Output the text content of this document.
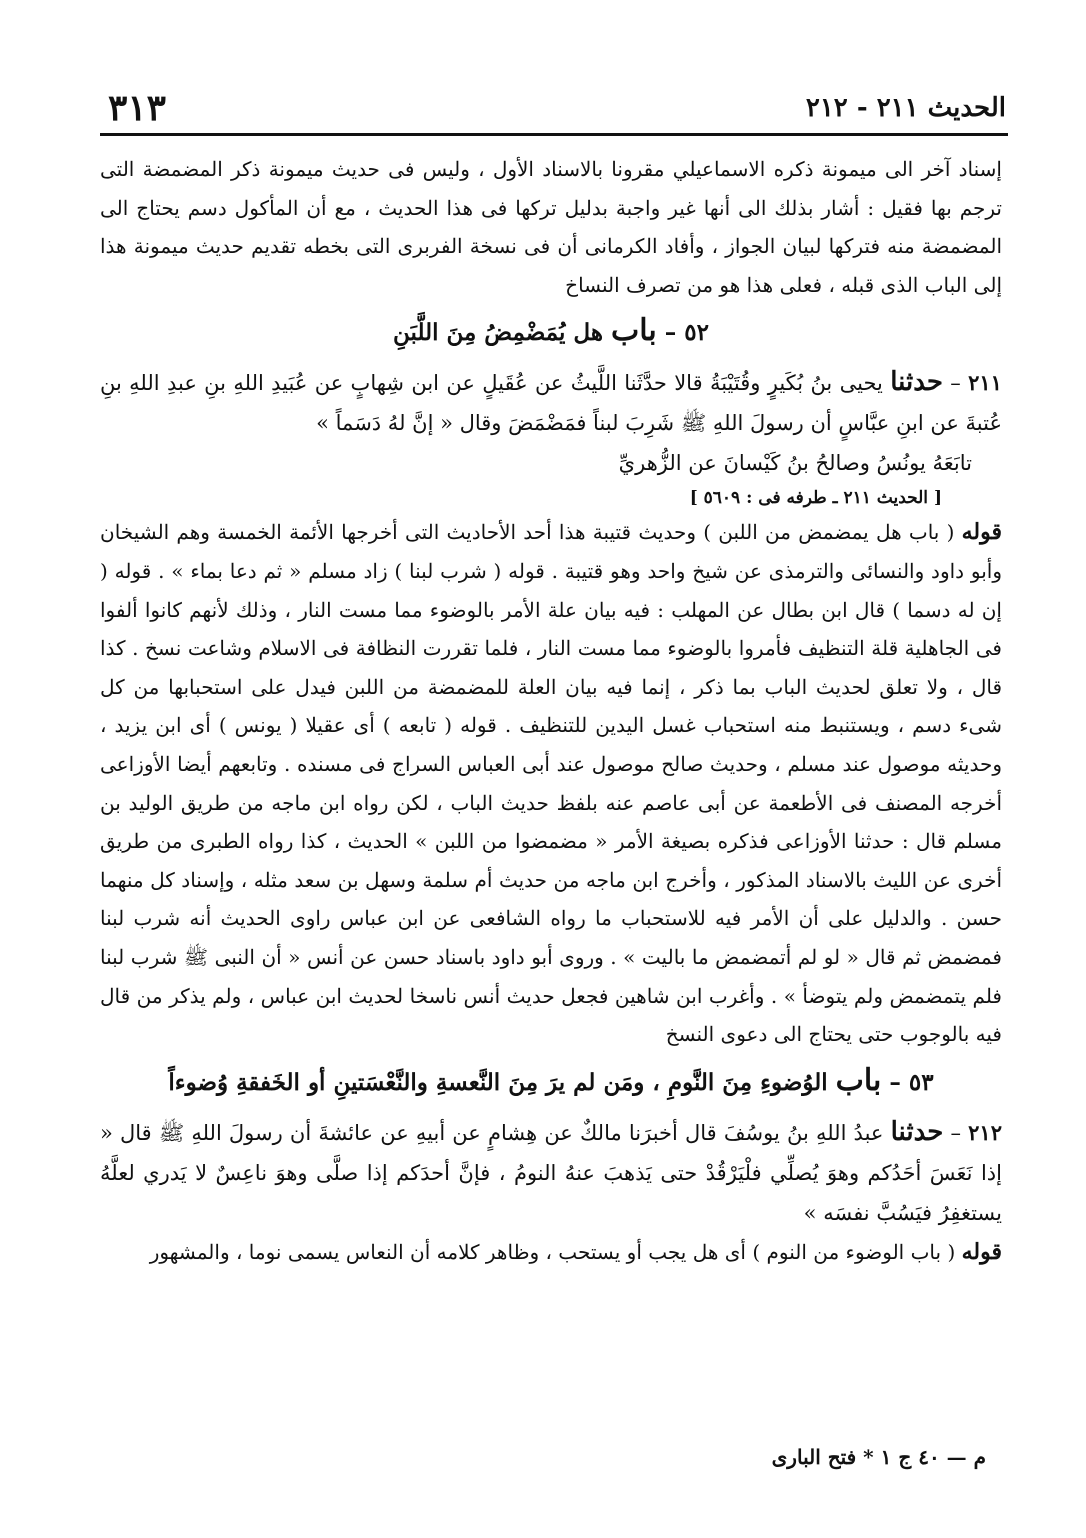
الحديث ٢١١ - ٢١٢
٣١٣

إسناد آخر الى ميمونة ذكره الاسماعيلي مقرونا بالاسناد الأول ، وليس فى حديث ميمونة ذكر المضمضة التى ترجم بها فقيل : أشار بذلك الى أنها غير واجبة بدليل تركها فى هذا الحديث ، مع أن المأكول دسم يحتاج الى المضمضة منه فتركها لبيان الجواز ، وأفاد الكرمانى أن فى نسخة الفربرى التى بخطه تقديم حديث ميمونة هذا إلى الباب الذى قبله ، فعلى هذا هو من تصرف النساخ

٥٢ – باب هل يُمَضْمِضُ مِنَ اللَّبَنِ

٢١١ – حدثنا يحيى بنُ بُكَيرٍ وقُتَيْبَةُ قالا حدَّثَنا اللَّيثُ عن عُقَيلٍ عن ابن شِهابٍ عن عُبَيدِ اللهِ بنِ عبدِ اللهِ بنِ عُتبةَ عن ابنِ عبَّاسٍ أن رسولَ اللهِ ﷺ شَرِبَ لبناً فمَضْمَضَ وقال « إنَّ لهُ دَسَماً »

تابَعَهُ يونُسُ وصالحُ بنُ كَيْسانَ عن الزُّهريِّ

[ الحديث ٢١١ ـ طرفه فى : ٥٦٠٩ ]

قوله ( باب هل يمضمض من اللبن ) وحديث قتيبة هذا أحد الأحاديث التى أخرجها الأئمة الخمسة وهم الشيخان وأبو داود والنسائى والترمذى عن شيخ واحد وهو قتيبة . قوله ( شرب لبنا ) زاد مسلم « ثم دعا بماء » . قوله ( إن له دسما ) قال ابن بطال عن المهلب : فيه بيان علة الأمر بالوضوء مما مست النار ، وذلك لأنهم كانوا ألفوا فى الجاهلية قلة التنظيف فأمروا بالوضوء مما مست النار ، فلما تقررت النظافة فى الاسلام وشاعت نسخ . كذا قال ، ولا تعلق لحديث الباب بما ذكر ، إنما فيه بيان العلة للمضمضة من اللبن فيدل على استحبابها من كل شىء دسم ، ويستنبط منه استحباب غسل اليدين للتنظيف . قوله ( تابعه ) أى عقيلا ( يونس ) أى ابن يزيد ، وحديثه موصول عند مسلم ، وحديث صالح موصول عند أبى العباس السراج فى مسنده . وتابعهم أيضا الأوزاعى أخرجه المصنف فى الأطعمة عن أبى عاصم عنه بلفظ حديث الباب ، لكن رواه ابن ماجه من طريق الوليد بن مسلم قال : حدثنا الأوزاعى فذكره بصيغة الأمر « مضمضوا من اللبن » الحديث ، كذا رواه الطبرى من طريق أخرى عن الليث بالاسناد المذكور ، وأخرج ابن ماجه من حديث أم سلمة وسهل بن سعد مثله ، وإسناد كل منهما حسن . والدليل على أن الأمر فيه للاستحباب ما رواه الشافعى عن ابن عباس راوى الحديث أنه شرب لبنا فمضمض ثم قال « لو لم أتمضمض ما باليت » . وروى أبو داود باسناد حسن عن أنس « أن النبى ﷺ شرب لبنا فلم يتمضمض ولم يتوضأ » . وأغرب ابن شاهين فجعل حديث أنس ناسخا لحديث ابن عباس ، ولم يذكر من قال فيه بالوجوب حتى يحتاج الى دعوى النسخ

٥٣ – باب الوُضوءِ مِنَ النَّومِ ، ومَن لم يرَ مِنَ النَّعسةِ والنَّعْسَتينِ أو الخَفقةِ وُضوءاً

٢١٢ – حدثنا عبدُ اللهِ بنُ يوسُفَ قال أخبرَنا مالكٌ عن هِشامٍ عن أبيهِ عن عائشةَ أن رسولَ اللهِ ﷺ قال « إذا نَعَسَ أحَدُكم وهوَ يُصلِّي فلْيَرْقُدْ حتى يَذهبَ عنهُ النومُ ، فإنَّ أحدَكم إذا صلَّى وهوَ ناعِسٌ لا يَدري لعلَّهُ يستغفِرُ فيَسُبَّ نفسَه »

قوله ( باب الوضوء من النوم ) أى هل يجب أو يستحب ، وظاهر كلامه أن النعاس يسمى نوما ، والمشهور

م — ٤٠ ج ١ * فتح البارى
